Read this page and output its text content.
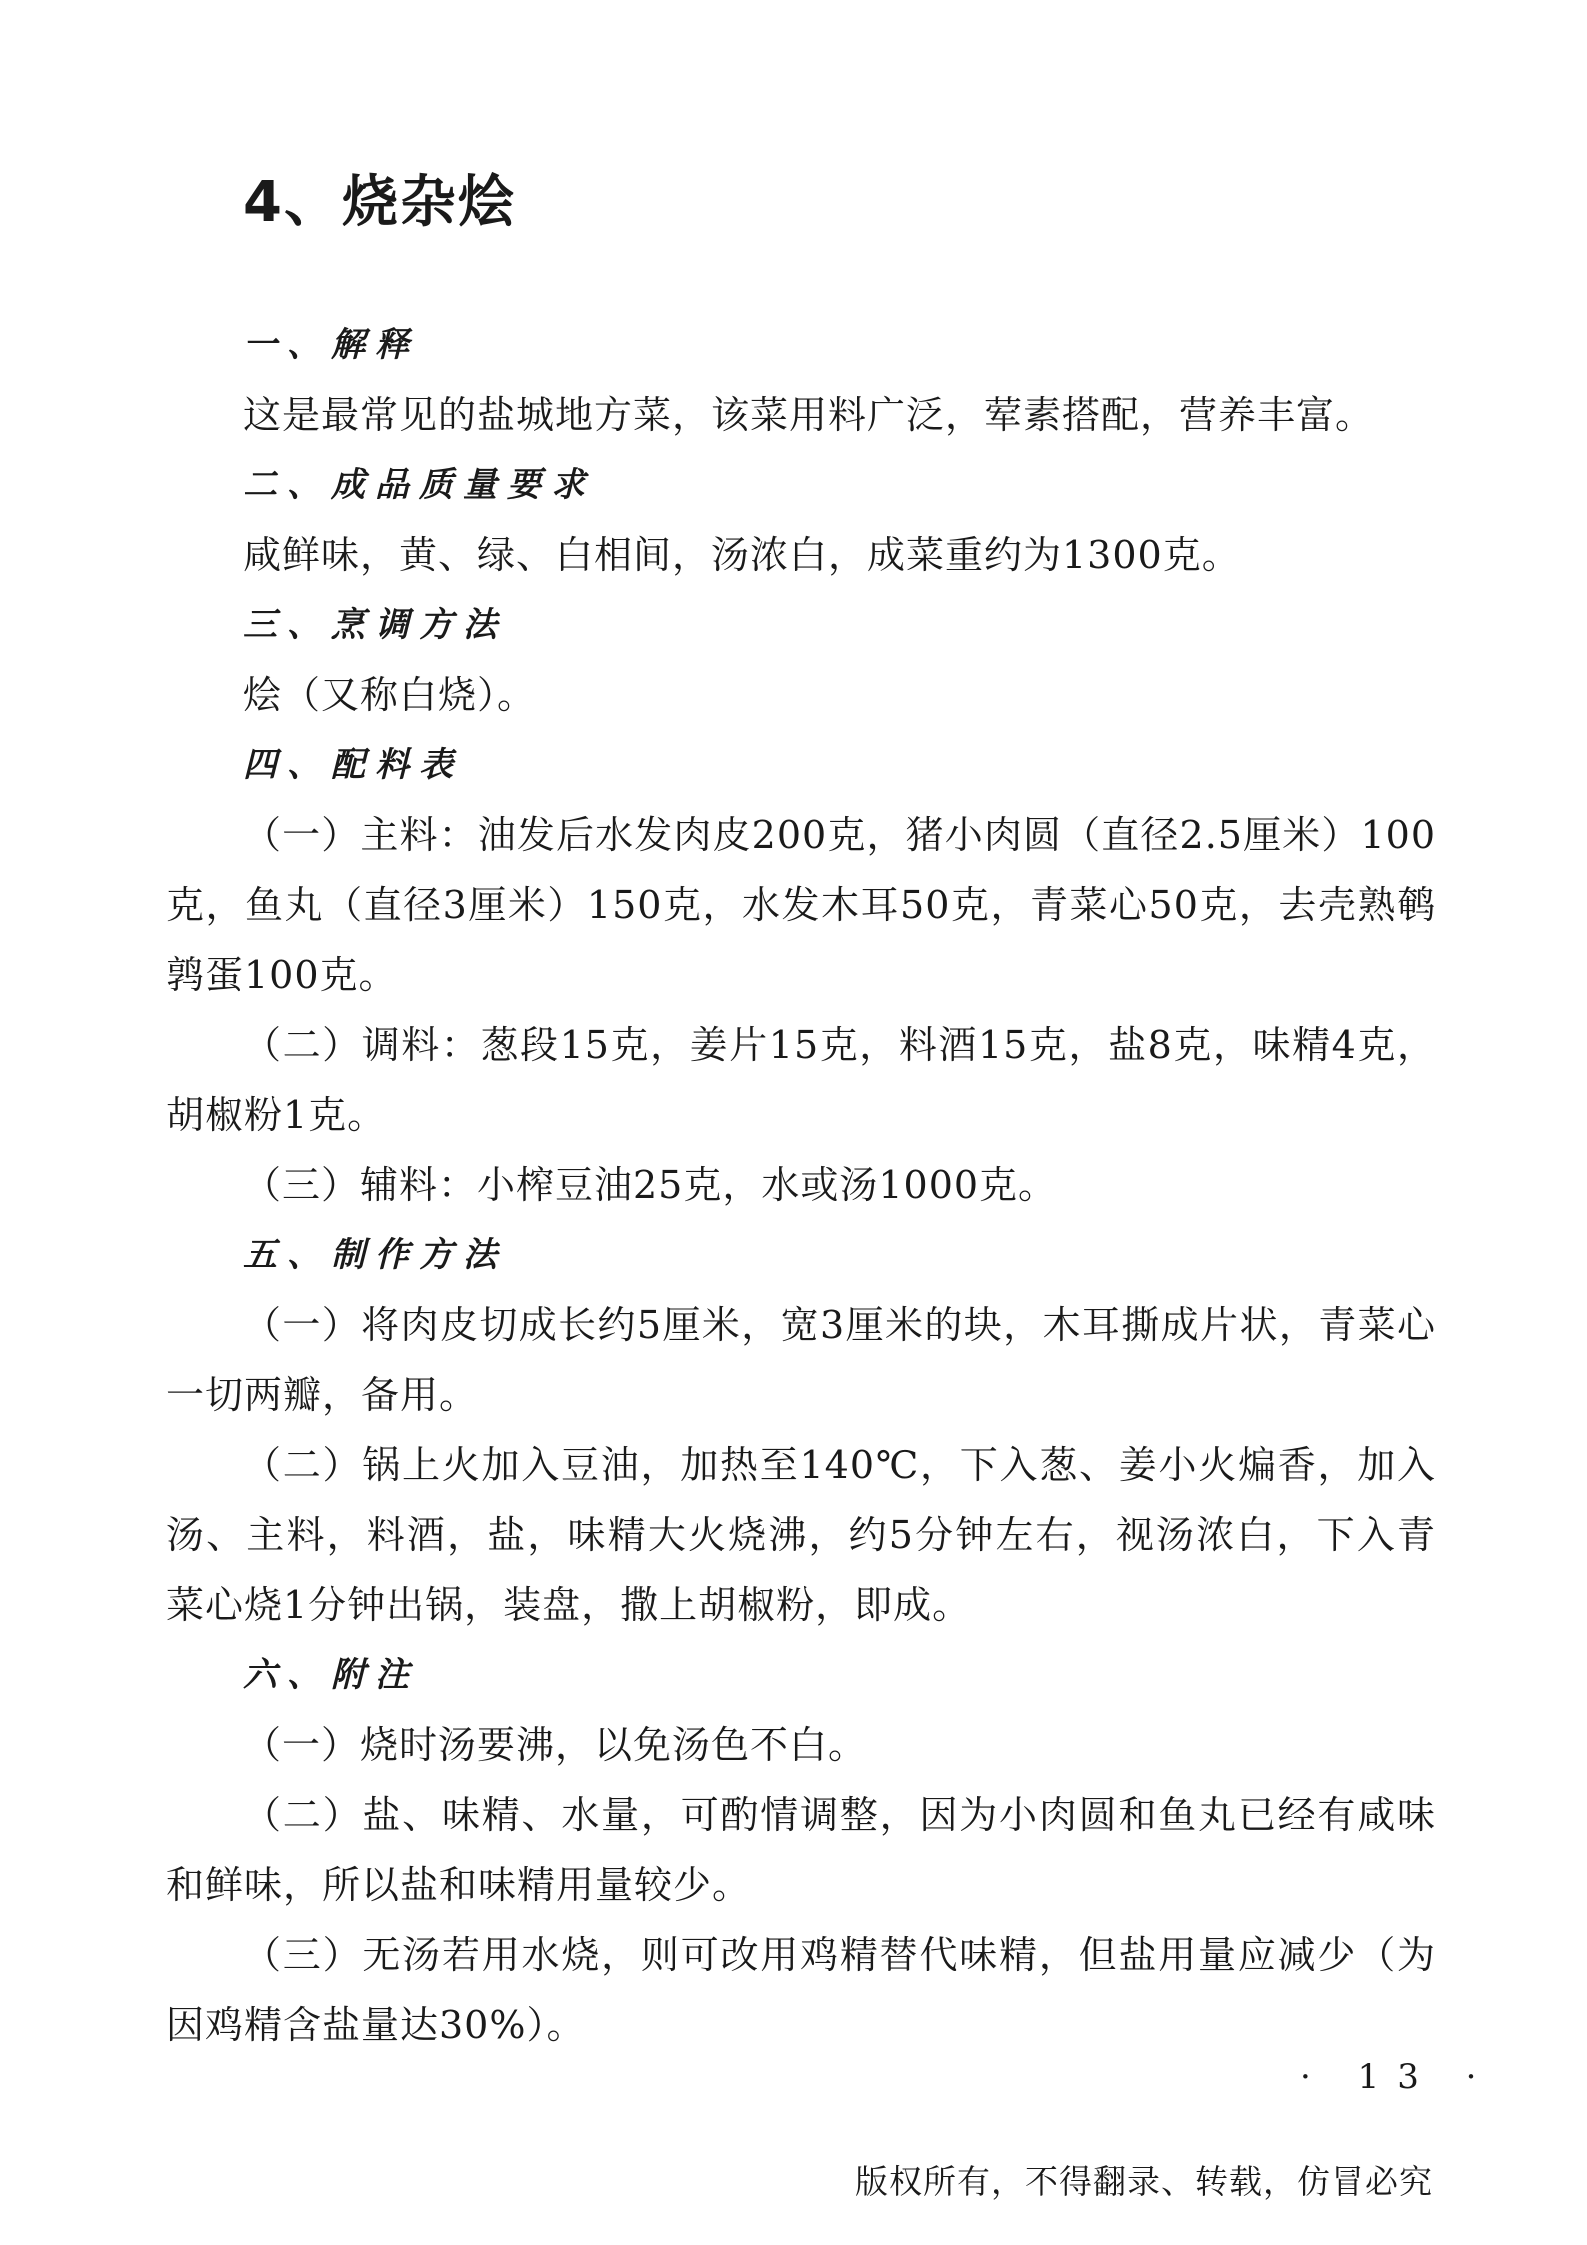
4、烧杂烩
一、解释

这是最常见的盐城地方菜，该菜用料广泛，荤素搭配，营养丰富。

二、成品质量要求

咸鲜味，黄、绿、白相间，汤浓白，成菜重约为1300克。

三、烹调方法

烩（又称白烧）。

四、配料表

（一）主料：油发后水发肉皮200克，猪小肉圆（直径2.5厘米）100克，鱼丸（直径3厘米）150克，水发木耳50克，青菜心50克，去壳熟鹌鹑蛋100克。

（二）调料：葱段15克，姜片15克，料酒15克，盐8克，味精4克，胡椒粉1克。

（三）辅料：小榨豆油25克，水或汤1000克。

五、制作方法

（一）将肉皮切成长约5厘米，宽3厘米的块，木耳撕成片状，青菜心一切两瓣，备用。

（二）锅上火加入豆油，加热至140℃，下入葱、姜小火煸香，加入汤、主料，料酒，盐，味精大火烧沸，约5分钟左右，视汤浓白，下入青菜心烧1分钟出锅，装盘，撒上胡椒粉，即成。

六、附注

（一）烧时汤要沸，以免汤色不白。

（二）盐、味精、水量，可酌情调整，因为小肉圆和鱼丸已经有咸味和鲜味，所以盐和味精用量较少。

（三）无汤若用水烧，则可改用鸡精替代味精，但盐用量应减少（为因鸡精含盐量达30%）。

· 13 ·

版权所有，不得翻录、转载，仿冒必究
